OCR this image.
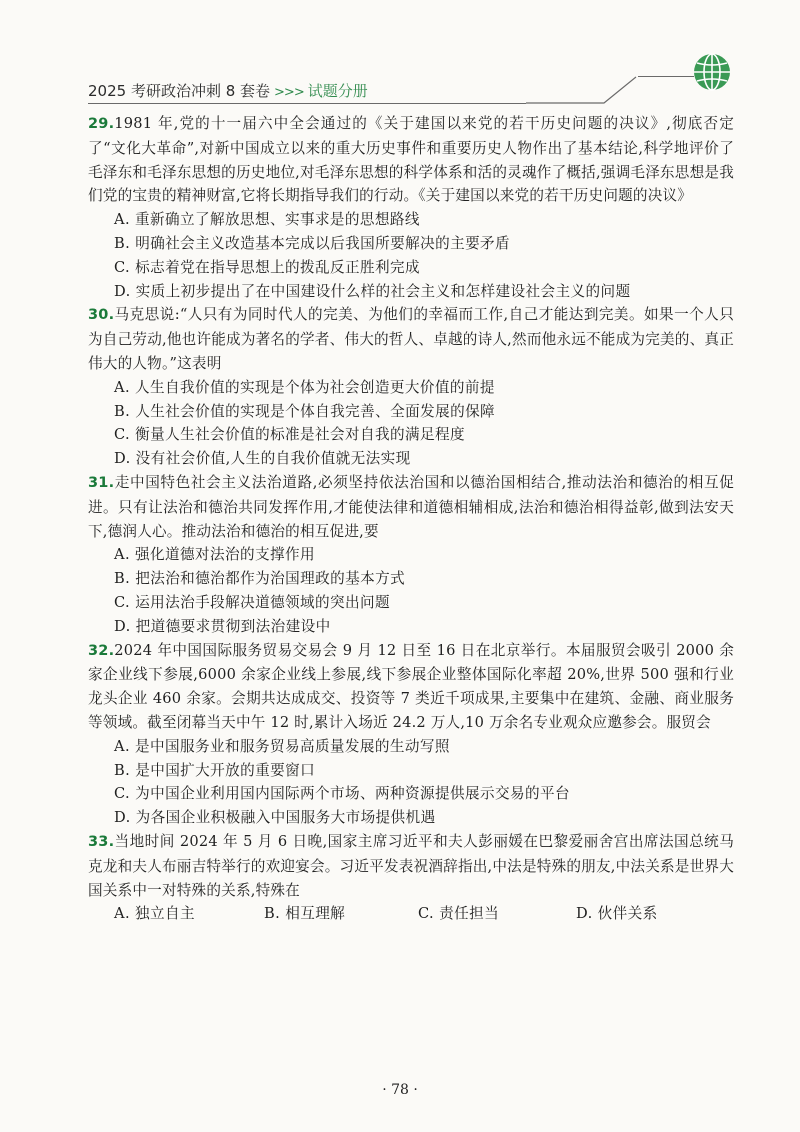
2025 考研政治冲刺 8 套卷 >>> 试题分册
29.1981 年,党的十一届六中全会通过的《关于建国以来党的若干历史问题的决议》,彻底否定了“文化大革命”,对新中国成立以来的重大历史事件和重要历史人物作出了基本结论,科学地评价了毛泽东和毛泽东思想的历史地位,对毛泽东思想的科学体系和活的灵魂作了概括,强调毛泽东思想是我们党的宝贵的精神财富,它将长期指导我们的行动。《关于建国以来党的若干历史问题的决议》
A. 重新确立了解放思想、实事求是的思想路线
B. 明确社会主义改造基本完成以后我国所要解决的主要矛盾
C. 标志着党在指导思想上的拨乱反正胜利完成
D. 实质上初步提出了在中国建设什么样的社会主义和怎样建设社会主义的问题
30.马克思说:“人只有为同时代人的完美、为他们的幸福而工作,自己才能达到完美。如果一个人只为自己劳动,他也许能成为著名的学者、伟大的哲人、卓越的诗人,然而他永远不能成为完美的、真正伟大的人物。”这表明
A. 人生自我价值的实现是个体为社会创造更大价值的前提
B. 人生社会价值的实现是个体自我完善、全面发展的保障
C. 衡量人生社会价值的标准是社会对自我的满足程度
D. 没有社会价值,人生的自我价值就无法实现
31.走中国特色社会主义法治道路,必须坚持依法治国和以德治国相结合,推动法治和德治的相互促进。只有让法治和德治共同发挥作用,才能使法律和道德相辅相成,法治和德治相得益彰,做到法安天下,德润人心。推动法治和德治的相互促进,要
A. 强化道德对法治的支撑作用
B. 把法治和德治都作为治国理政的基本方式
C. 运用法治手段解决道德领域的突出问题
D. 把道德要求贯彻到法治建设中
32.2024 年中国国际服务贸易交易会 9 月 12 日至 16 日在北京举行。本届服贸会吸引 2000 余家企业线下参展,6000 余家企业线上参展,线下参展企业整体国际化率超 20%,世界 500 强和行业龙头企业 460 余家。会期共达成成交、投资等 7 类近千项成果,主要集中在建筑、金融、商业服务等领域。截至闭幕当天中午 12 时,累计入场近 24.2 万人,10 万余名专业观众应邀参会。服贸会
A. 是中国服务业和服务贸易高质量发展的生动写照
B. 是中国扩大开放的重要窗口
C. 为中国企业利用国内国际两个市场、两种资源提供展示交易的平台
D. 为各国企业积极融入中国服务大市场提供机遇
33.当地时间 2024 年 5 月 6 日晚,国家主席习近平和夫人彭丽媛在巴黎爱丽舍宫出席法国总统马克龙和夫人布丽吉特举行的欢迎宴会。习近平发表祝酒辞指出,中法是特殊的朋友,中法关系是世界大国关系中一对特殊的关系,特殊在
A. 独立自主	B. 相互理解	C. 责任担当	D. 伙伴关系
· 78 ·
